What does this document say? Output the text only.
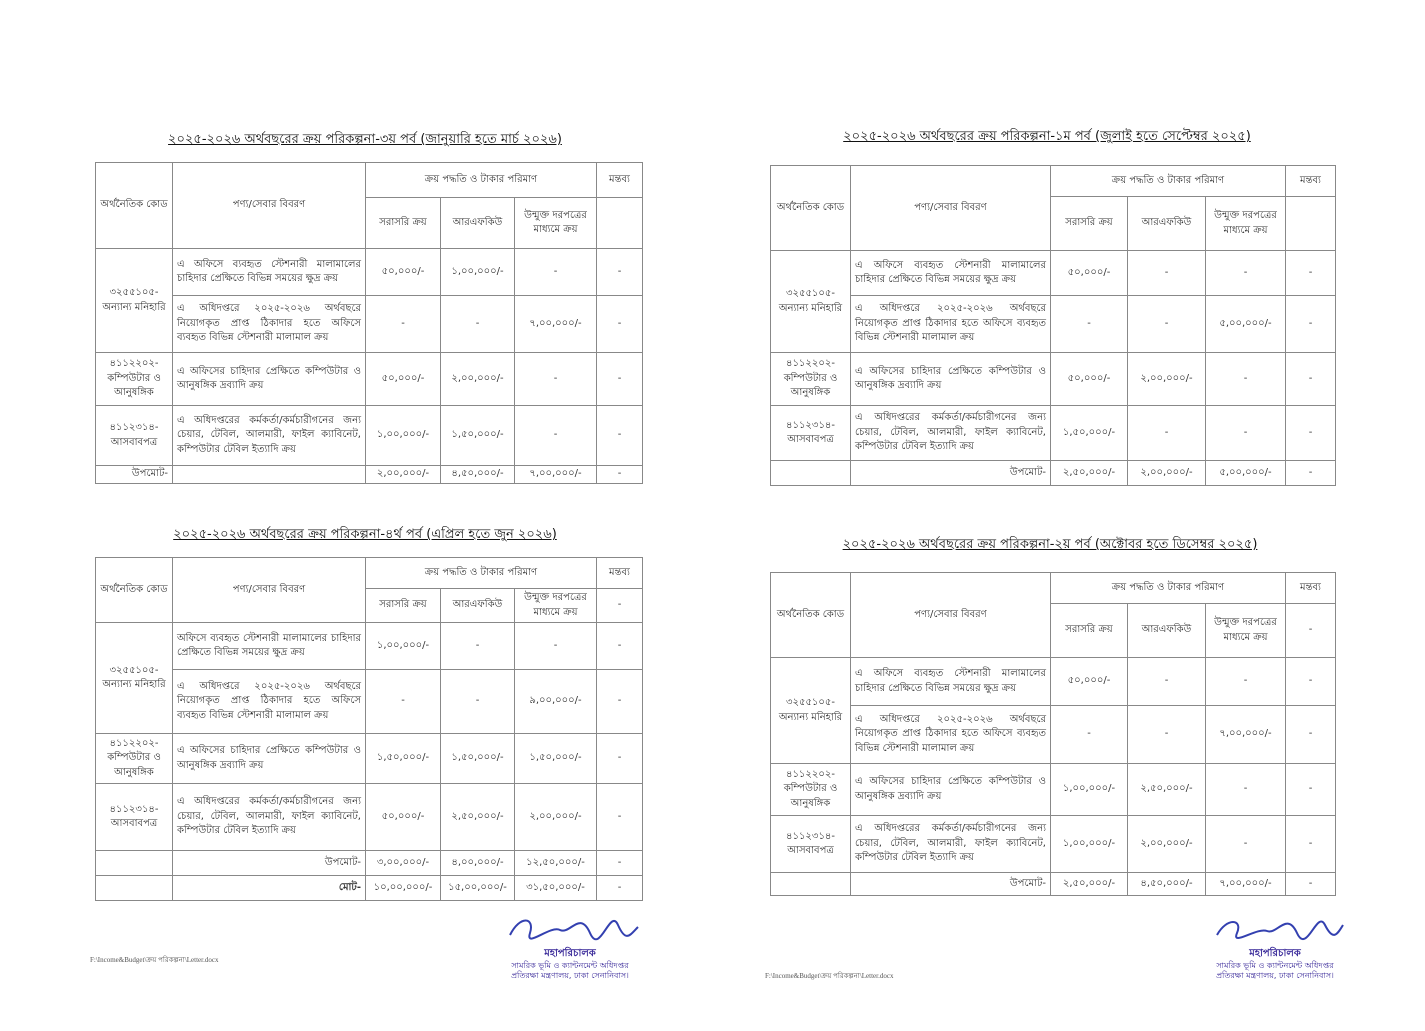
২০২৫-২০২৬ অর্থবছরের ক্রয় পরিকল্পনা-৩য় পর্ব (জানুয়ারি হতে মার্চ ২০২৬)
অর্থনৈতিক কোড	পণ্য/সেবার বিবরণ	ক্রয় পদ্ধতি ও টাকার পরিমাণ			মন্তব্য
		সরাসরি ক্রয়	আরএফকিউ	উন্মুক্ত দরপত্রের মাধ্যমে ক্রয়	
৩২৫৫১০৫-অন্যান্য মনিহারি	এ অফিসে ব্যবহৃত স্টেশনারী মালামালের চাহিদার প্রেক্ষিতে বিভিন্ন সময়ের ক্ষুদ্র ক্রয়	৫০,০০০/-	১,০০,০০০/-	-	-
	এ অধিদপ্তরে ২০২৫-২০২৬ অর্থবছরে নিয়োগকৃত প্রাপ্ত ঠিকাদার হতে অফিসে ব্যবহৃত বিভিন্ন স্টেশনারী মালামাল ক্রয়	-	-	৭,০০,০০০/-	-
৪১১২২০২-কম্পিউটার ও আনুষঙ্গিক	এ অফিসের চাহিদার প্রেক্ষিতে কম্পিউটার ও আনুষঙ্গিক দ্রব্যাদি ক্রয়	৫০,০০০/-	২,০০,০০০/-	-	-
৪১১২৩১৪-আসবাবপত্র	এ অধিদপ্তরের কর্মকর্তা/কর্মচারীগনের জন্য চেয়ার, টেবিল, আলমারী, ফাইল ক্যাবিনেট, কম্পিউটার টেবিল ইত্যাদি ক্রয়	১,০০,০০০/-	১,৫০,০০০/-	-	-
উপমোট-		২,০০,০০০/-	৪,৫০,০০০/-	৭,০০,০০০/-	-
২০২৫-২০২৬ অর্থবছরের ক্রয় পরিকল্পনা-৪র্থ পর্ব (এপ্রিল হতে জুন ২০২৬)
অর্থনৈতিক কোড	পণ্য/সেবার বিবরণ	ক্রয় পদ্ধতি ও টাকার পরিমাণ			মন্তব্য
		সরাসরি ক্রয়	আরএফকিউ	উন্মুক্ত দরপত্রের মাধ্যমে ক্রয়	-
৩২৫৫১০৫-অন্যান্য মনিহারি	অফিসে ব্যবহৃত স্টেশনারী মালামালের চাহিদার প্রেক্ষিতে বিভিন্ন সময়ের ক্ষুদ্র ক্রয়	১,০০,০০০/-	-	-	-
	এ অধিদপ্তরে ২০২৫-২০২৬ অর্থবছরে নিয়োগকৃত প্রাপ্ত ঠিকাদার হতে অফিসে ব্যবহৃত বিভিন্ন স্টেশনারী মালামাল ক্রয়	-	-	৯,০০,০০০/-	-
৪১১২২০২-কম্পিউটার ও আনুষঙ্গিক	এ অফিসের চাহিদার প্রেক্ষিতে কম্পিউটার ও আনুষঙ্গিক দ্রব্যাদি ক্রয়	১,৫০,০০০/-	১,৫০,০০০/-	১,৫০,০০০/-	-
৪১১২৩১৪-আসবাবপত্র	এ অধিদপ্তরের কর্মকর্তা/কর্মচারীগনের জন্য চেয়ার, টেবিল, আলমারী, ফাইল ক্যাবিনেট, কম্পিউটার টেবিল ইত্যাদি ক্রয়	৫০,০০০/-	২,৫০,০০০/-	২,০০,০০০/-	-
	উপমোট-	৩,০০,০০০/-	৪,০০,০০০/-	১২,৫০,০০০/-	-
	মোট-	১০,০০,০০০/-	১৫,০০,০০০/-	৩১,৫০,০০০/-	-
২০২৫-২০২৬ অর্থবছরের ক্রয় পরিকল্পনা-১ম পর্ব (জুলাই হতে সেপ্টেম্বর ২০২৫)
অর্থনৈতিক কোড	পণ্য/সেবার বিবরণ	ক্রয় পদ্ধতি ও টাকার পরিমাণ			মন্তব্য
		সরাসরি ক্রয়	আরএফকিউ	উন্মুক্ত দরপত্রের মাধ্যমে ক্রয়	
৩২৫৫১০৫-অন্যান্য মনিহারি	এ অফিসে ব্যবহৃত স্টেশনারী মালামালের চাহিদার প্রেক্ষিতে বিভিন্ন সময়ের ক্ষুদ্র ক্রয়	৫০,০০০/-	-	-	-
	এ অধিদপ্তরে ২০২৫-২০২৬ অর্থবছরে নিয়োগকৃত প্রাপ্ত ঠিকাদার হতে অফিসে ব্যবহৃত বিভিন্ন স্টেশনারী মালামাল ক্রয়	-	-	৫,০০,০০০/-	-
৪১১২২০২-কম্পিউটার ও আনুষঙ্গিক	এ অফিসের চাহিদার প্রেক্ষিতে কম্পিউটার ও আনুষঙ্গিক দ্রব্যাদি ক্রয়	৫০,০০০/-	২,০০,০০০/-	-	-
৪১১২৩১৪-আসবাবপত্র	এ অধিদপ্তরের কর্মকর্তা/কর্মচারীগনের জন্য চেয়ার, টেবিল, আলমারী, ফাইল ক্যাবিনেট, কম্পিউটার টেবিল ইত্যাদি ক্রয়	১,৫০,০০০/-	-	-	-
	উপমোট-	২,৫০,০০০/-	২,০০,০০০/-	৫,০০,০০০/-	-
২০২৫-২০২৬ অর্থবছরের ক্রয় পরিকল্পনা-২য় পর্ব (অক্টোবর হতে ডিসেম্বর ২০২৫)
অর্থনৈতিক কোড	পণ্য/সেবার বিবরণ	ক্রয় পদ্ধতি ও টাকার পরিমাণ			মন্তব্য
		সরাসরি ক্রয়	আরএফকিউ	উন্মুক্ত দরপত্রের মাধ্যমে ক্রয়	-
৩২৫৫১০৫-অন্যান্য মনিহারি	এ অফিসে ব্যবহৃত স্টেশনারী মালামালের চাহিদার প্রেক্ষিতে বিভিন্ন সময়ের ক্ষুদ্র ক্রয়	৫০,০০০/-	-	-	-
	এ অধিদপ্তরে ২০২৫-২০২৬ অর্থবছরে নিয়োগকৃত প্রাপ্ত ঠিকাদার হতে অফিসে ব্যবহৃত বিভিন্ন স্টেশনারী মালামাল ক্রয়	-	-	৭,০০,০০০/-	-
৪১১২২০২-কম্পিউটার ও আনুষঙ্গিক	এ অফিসের চাহিদার প্রেক্ষিতে কম্পিউটার ও আনুষঙ্গিক দ্রব্যাদি ক্রয়	১,০০,০০০/-	২,৫০,০০০/-	-	-
৪১১২৩১৪-আসবাবপত্র	এ অধিদপ্তরের কর্মকর্তা/কর্মচারীগনের জন্য চেয়ার, টেবিল, আলমারী, ফাইল ক্যাবিনেট, কম্পিউটার টেবিল ইত্যাদি ক্রয়	১,০০,০০০/-	২,০০,০০০/-	-	-
	উপমোট-	২,৫০,০০০/-	৪,৫০,০০০/-	৭,০০,০০০/-	-
F:\Income&Budget\ক্রয় পরিকল্পনা\Letter.docx
F:\Income&Budget\ক্রয় পরিকল্পনা\Letter.docx
মহাপরিচালক
সামরিক ভূমি ও ক্যান্টনমেন্ট অধিদপ্তর
প্রতিরক্ষা মন্ত্রণালয়, ঢাকা সেনানিবাস।
মহাপরিচালক
সামরিক ভূমি ও ক্যান্টনমেন্ট অধিদপ্তর
প্রতিরক্ষা মন্ত্রণালয়, ঢাকা সেনানিবাস।
